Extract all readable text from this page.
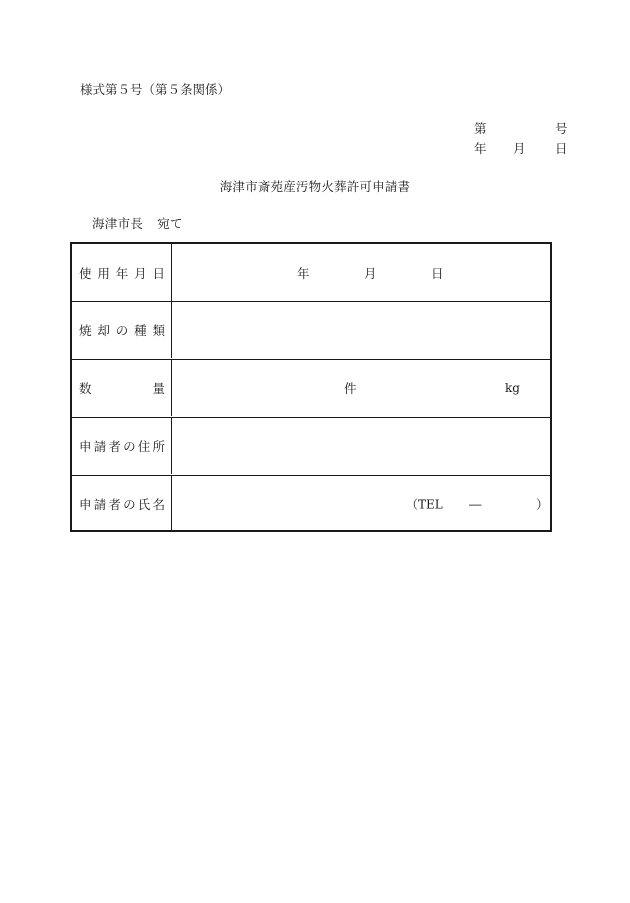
様式第５号（第５条関係）
第	号
年 月 日
海津市斎苑産汚物火葬許可申請書
海津市長 宛て
使 用 年 月 日	年	月	日
焼 却 の 種 類
数	量	件	kg
申 請 者 の 住 所
申 請 者 の 氏 名	（TEL ―	）
